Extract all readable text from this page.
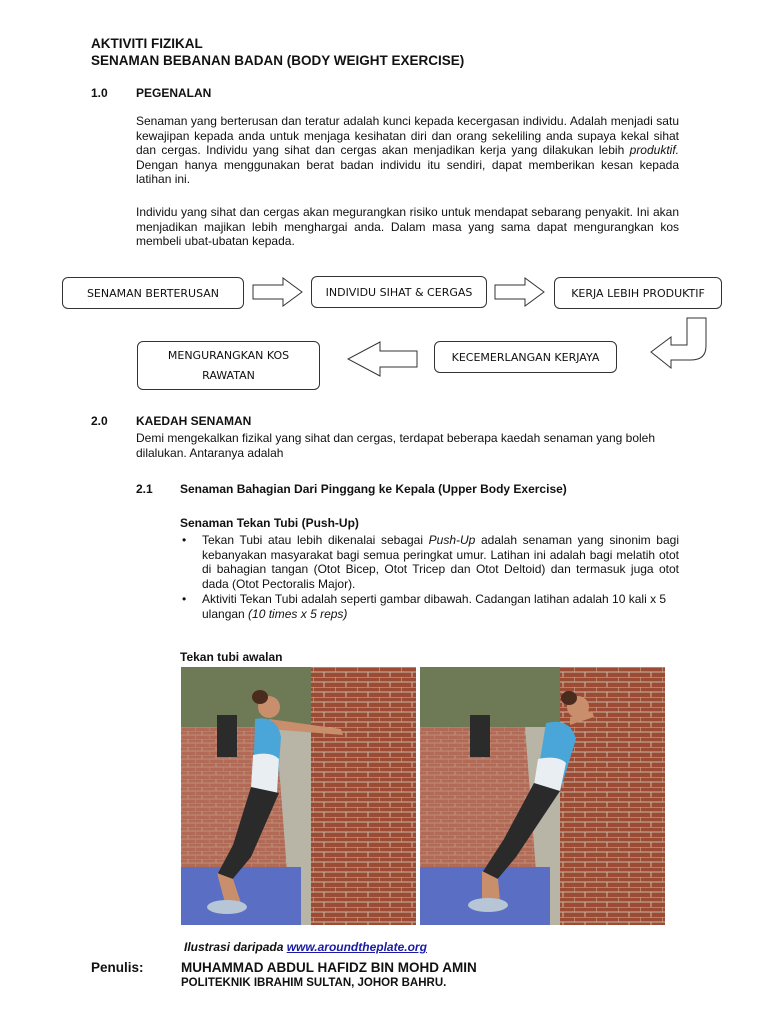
AKTIVITI FIZIKAL
SENAMAN BEBANAN BADAN (BODY WEIGHT EXERCISE)
1.0 PEGENALAN
Senaman yang berterusan dan teratur adalah kunci kepada kecergasan individu. Adalah menjadi satu kewajipan kepada anda untuk menjaga kesihatan diri dan orang sekeliling anda supaya kekal sihat dan cergas. Individu yang sihat dan cergas akan menjadikan kerja yang dilakukan lebih produktif. Dengan hanya menggunakan berat badan individu itu sendiri, dapat memberikan kesan kepada latihan ini.
Individu yang sihat dan cergas akan megurangkan risiko untuk mendapat sebarang penyakit. Ini akan menjadikan majikan lebih menghargai anda. Dalam masa yang sama dapat mengurangkan kos membeli ubat-ubatan kepada.
SENAMAN BERTERUSAN	INDIVIDU SIHAT & CERGAS	KERJA LEBIH PRODUKTIF
KECEMERLANGAN KERJAYA
MENGURANGKAN KOS
RAWATAN
2.0 KAEDAH SENAMAN
Demi mengekalkan fizikal yang sihat dan cergas, terdapat beberapa kaedah senaman yang boleh dilalukan. Antaranya adalah
2.1 Senaman Bahagian Dari Pinggang ke Kepala (Upper Body Exercise)
Senaman Tekan Tubi (Push-Up)
• Tekan Tubi atau lebih dikenalai sebagai Push-Up adalah senaman yang sinonim bagi kebanyakan masyarakat bagi semua peringkat umur. Latihan ini adalah bagi melatih otot di bahagian tangan (Otot Bicep, Otot Tricep dan Otot Deltoid) dan termasuk juga otot dada (Otot Pectoralis Major).
• Aktiviti Tekan Tubi adalah seperti gambar dibawah. Cadangan latihan adalah 10 kali x 5 ulangan (10 times x 5 reps)
Tekan tubi awalan
Ilustrasi daripada www.aroundtheplate.org
Penulis:	MUHAMMAD ABDUL HAFIDZ BIN MOHD AMIN
POLITEKNIK IBRAHIM SULTAN, JOHOR BAHRU.
